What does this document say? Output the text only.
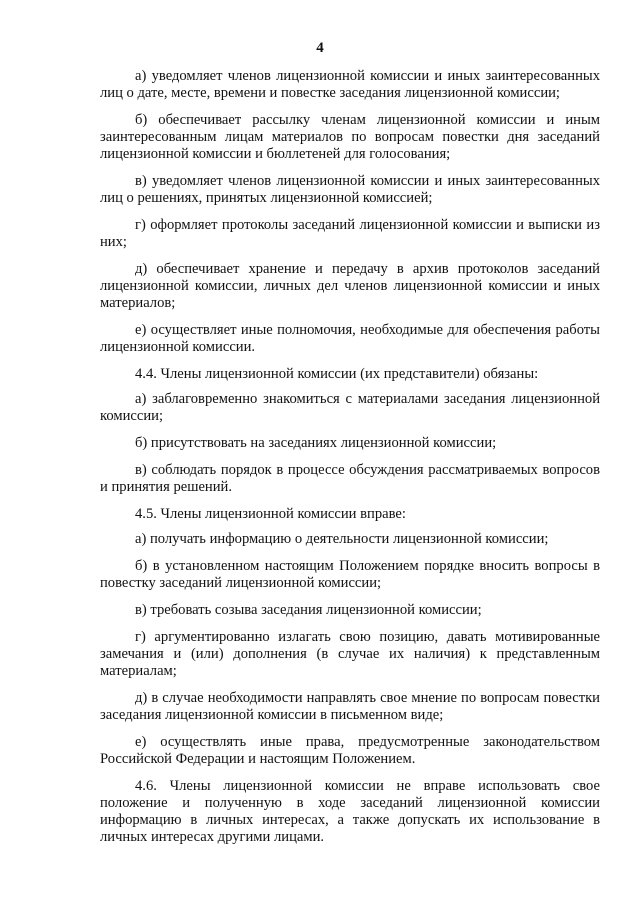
4

а) уведомляет членов лицензионной комиссии и иных заинтересованных лиц о дате, месте, времени и повестке заседания лицензионной комиссии;

б) обеспечивает рассылку членам лицензионной комиссии и иным заинтересованным лицам материалов по вопросам повестки дня заседаний лицензионной комиссии и бюллетеней для голосования;

в) уведомляет членов лицензионной комиссии и иных заинтересованных лиц о решениях, принятых лицензионной комиссией;

г) оформляет протоколы заседаний лицензионной комиссии и выписки из них;

д) обеспечивает хранение и передачу в архив протоколов заседаний лицензионной комиссии, личных дел членов лицензионной комиссии и иных материалов;

е) осуществляет иные полномочия, необходимые для обеспечения работы лицензионной комиссии.

4.4. Члены лицензионной комиссии (их представители) обязаны:

а) заблаговременно знакомиться с материалами заседания лицензионной комиссии;

б) присутствовать на заседаниях лицензионной комиссии;

в) соблюдать порядок в процессе обсуждения рассматриваемых вопросов и принятия решений.

4.5. Члены лицензионной комиссии вправе:

а) получать информацию о деятельности лицензионной комиссии;

б) в установленном настоящим Положением порядке вносить вопросы в повестку заседаний лицензионной комиссии;

в) требовать созыва заседания лицензионной комиссии;

г) аргументированно излагать свою позицию, давать мотивированные замечания и (или) дополнения (в случае их наличия) к представленным материалам;

д) в случае необходимости направлять свое мнение по вопросам повестки заседания лицензионной комиссии в письменном виде;

е) осуществлять иные права, предусмотренные законодательством Российской Федерации и настоящим Положением.

4.6. Члены лицензионной комиссии не вправе использовать свое положение и полученную в ходе заседаний лицензионной комиссии информацию в личных интересах, а также допускать их использование в личных интересах другими лицами.
